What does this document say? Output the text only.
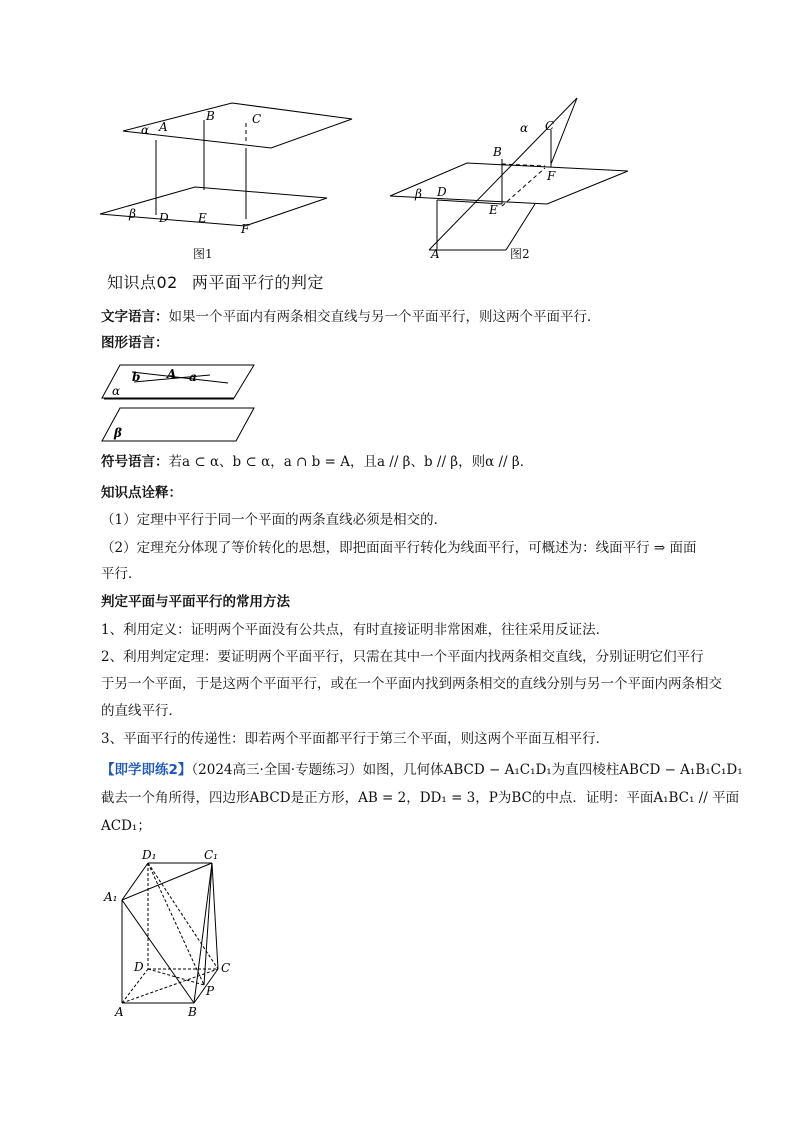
α A
B	C
β D E
F
图1
α C
B
F
β D
E
A	图2
知识点02 两平面平行的判定
文字语言：如果一个平面内有两条相交直线与另一个平面平行，则这两个平面平行．
图形语言：
b A a
α
β
符号语言：若a ⊂ α、b ⊂ α，a ∩ b = A，且a // β、b // β，则α // β．
知识点诠释：
（1）定理中平行于同一个平面的两条直线必须是相交的．
（2）定理充分体现了等价转化的思想，即把面面平行转化为线面平行，可概述为：线面平行 ⇒ 面面
平行．
判定平面与平面平行的常用方法
1、利用定义：证明两个平面没有公共点，有时直接证明非常困难，往往采用反证法．
2、利用判定定理：要证明两个平面平行，只需在其中一个平面内找两条相交直线，分别证明它们平行
于另一个平面，于是这两个平面平行，或在一个平面内找到两条相交的直线分别与另一个平面内两条相交
的直线平行．
3、平面平行的传递性：即若两个平面都平行于第三个平面，则这两个平面互相平行．
【即学即练2】（2024高三·全国·专题练习）如图，几何体ABCD − A₁C₁D₁为直四棱柱ABCD − A₁B₁C₁D₁
截去一个角所得，四边形ABCD是正方形，AB = 2，DD₁ = 3，P为BC的中点．证明：平面A₁BC₁ // 平面
ACD₁；
D₁	C₁
A₁
D	C
P
A	B
